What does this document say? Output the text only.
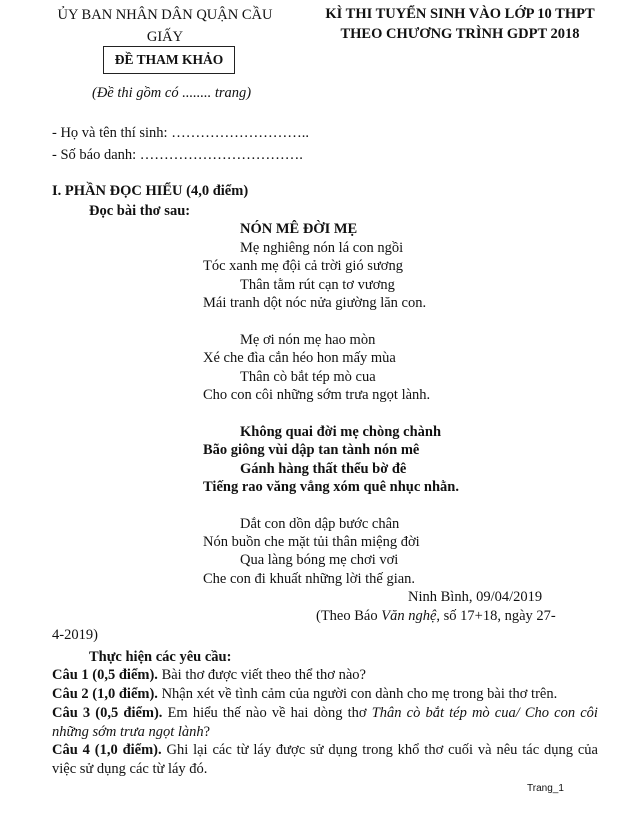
ỦY BAN NHÂN DÂN QUẬN CẦU GIẤY
KÌ THI TUYỂN SINH VÀO LỚP 10 THPT
THEO CHƯƠNG TRÌNH GDPT 2018
ĐỀ THAM KHẢO
(Đề thi gồm có ........ trang)
- Họ và tên thí sinh: ………………………..
- Số báo danh: …………………………….
I. PHẦN ĐỌC HIỂU (4,0 điểm)
Đọc bài thơ sau:
NÓN MÊ ĐỜI MẸ
Mẹ nghiêng nón lá con ngồi
Tóc xanh mẹ đội cả trời gió sương
Thân tằm rút cạn tơ vương
Mái tranh dột nóc nửa giường lăn con.
Mẹ ơi nón mẹ hao mòn
Xé che đìa cắn héo hon mấy mùa
Thân cò bắt tép mò cua
Cho con côi những sớm trưa ngọt lành.
Không quai đời mẹ chòng chành
Bão giông vùi dập tan tành nón mê
Gánh hàng thất thểu bờ đê
Tiếng rao văng vẳng xóm quê nhục nhằn.
Dắt con dồn dập bước chân
Nón buồn che mặt tủi thân miệng đời
Qua làng bóng mẹ chơi vơi
Che con đi khuất những lời thế gian.
Ninh Bình, 09/04/2019
(Theo Báo Văn nghệ, số 17+18, ngày 27-
4-2019)
Thực hiện các yêu cầu:
Câu 1 (0,5 điểm). Bài thơ được viết theo thể thơ nào?
Câu 2 (1,0 điểm). Nhận xét về tình cảm của người con dành cho mẹ trong bài thơ trên.
Câu 3 (0,5 điểm). Em hiểu thế nào về hai dòng thơ Thân cò bắt tép mò cua/ Cho con côi những sớm trưa ngọt lành?
Câu 4 (1,0 điểm). Ghi lại các từ láy được sử dụng trong khổ thơ cuối và nêu tác dụng của việc sử dụng các từ láy đó.
Trang_1
